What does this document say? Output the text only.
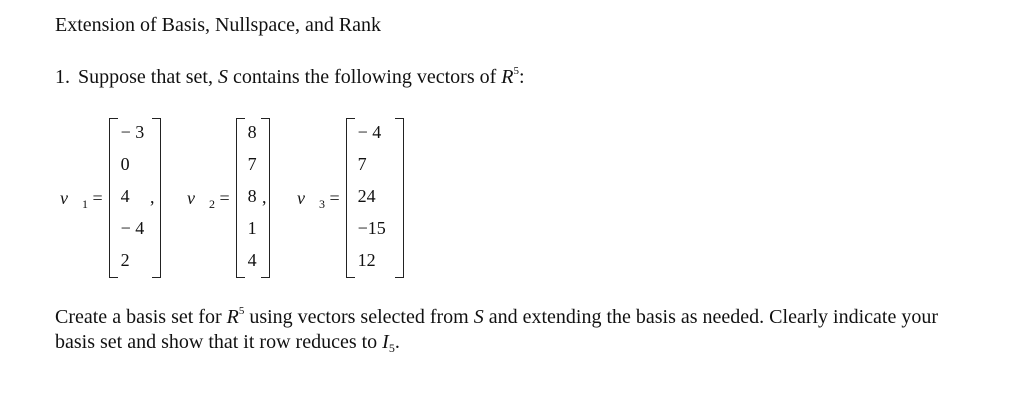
Extension of Basis, Nullspace, and Rank
1. Suppose that set, S contains the following vectors of $R^5$:
$v⃗_1$ =
− 3
0
4
− 4
2
, $v⃗_2$ =
8
7
8
1
4
, $v⃗_3$ =
− 4
7
24
−15
12
Create a basis set for $R^5$ using vectors selected from S and extending the basis as needed. Clearly indicate your basis set and show that it row reduces to $I_5$.
